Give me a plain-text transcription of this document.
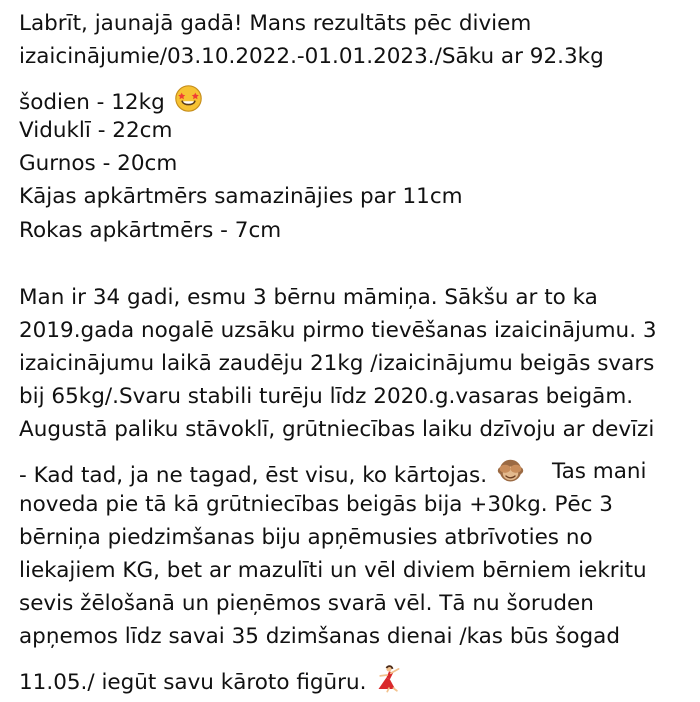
Labrīt, jaunajā gadā! Mans rezultāts pēc diviem
izaicinājumie/03.10.2022.-01.01.2023./Sāku ar 92.3kg
šodien - 12kg
Viduklī - 22cm
Gurnos - 20cm
Kājas apkārtmērs samazinājies par 11cm
Rokas apkārtmērs - 7cm
Man ir 34 gadi, esmu 3 bērnu māmiņa. Sākšu ar to ka
2019.gada nogalē uzsāku pirmo tievēšanas izaicinājumu. 3
izaicinājumu laikā zaudēju 21kg /izaicinājumu beigās svars
bij 65kg/.Svaru stabili turēju līdz 2020.g.vasaras beigām.
Augustā paliku stāvoklī, grūtniecības laiku dzīvoju ar devīzi
- Kad tad, ja ne tagad, ēst visu, ko kārtojas.	Tas mani
noveda pie tā kā grūtniecības beigās bija +30kg. Pēc 3
bērniņa piedzimšanas biju apņēmusies atbrīvoties no
liekajiem KG, bet ar mazulīti un vēl diviem bērniem iekritu
sevis žēlošanā un pieņēmos svarā vēl. Tā nu šoruden
apņemos līdz savai 35 dzimšanas dienai /kas būs šogad
11.05./ iegūt savu kāroto figūru.
